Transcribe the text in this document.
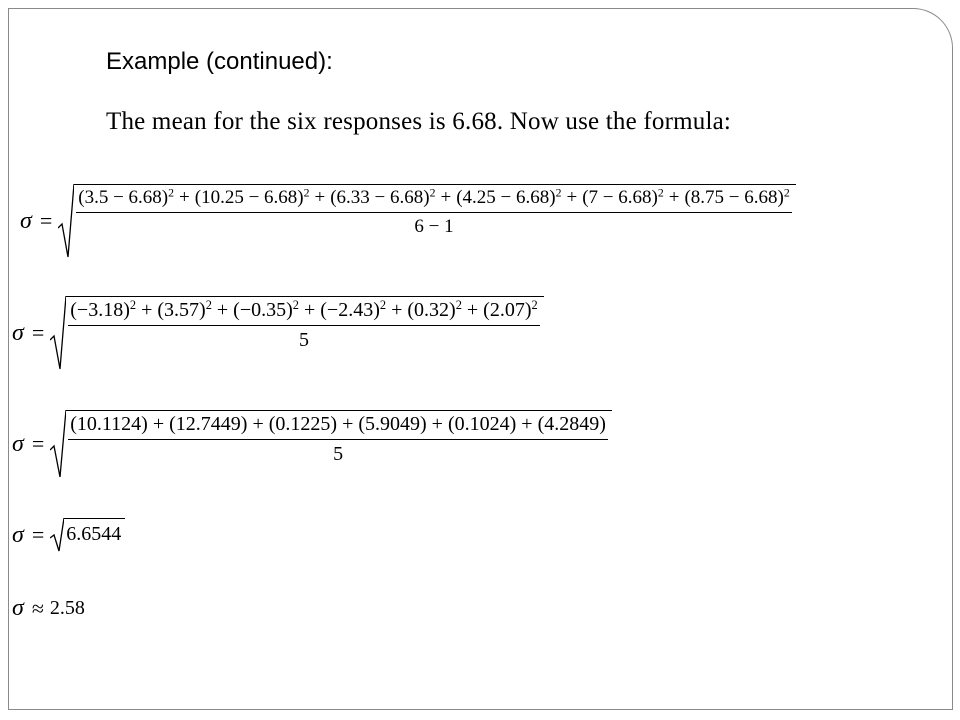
Example (continued):
The mean for the six responses is 6.68. Now use the formula:
σ =
$(3.5 - 6.68)^2 + (10.25 - 6.68)^2 + (6.33 - 6.68)^2 + (4.25 - 6.68)^2 + (7 - 6.68)^2 + (8.75 - 6.68)^2$
6 − 1
σ =
$(-3.18)^2 + (3.57)^2 + (-0.35)^2 + (-2.43)^2 + (0.32)^2 + (2.07)^2$
5
σ =
(10.1124) + (12.7449) + (0.1225) + (5.9049) + (0.1024) + (4.2849)
5
σ = 6.6544
σ ≈ 2.58
